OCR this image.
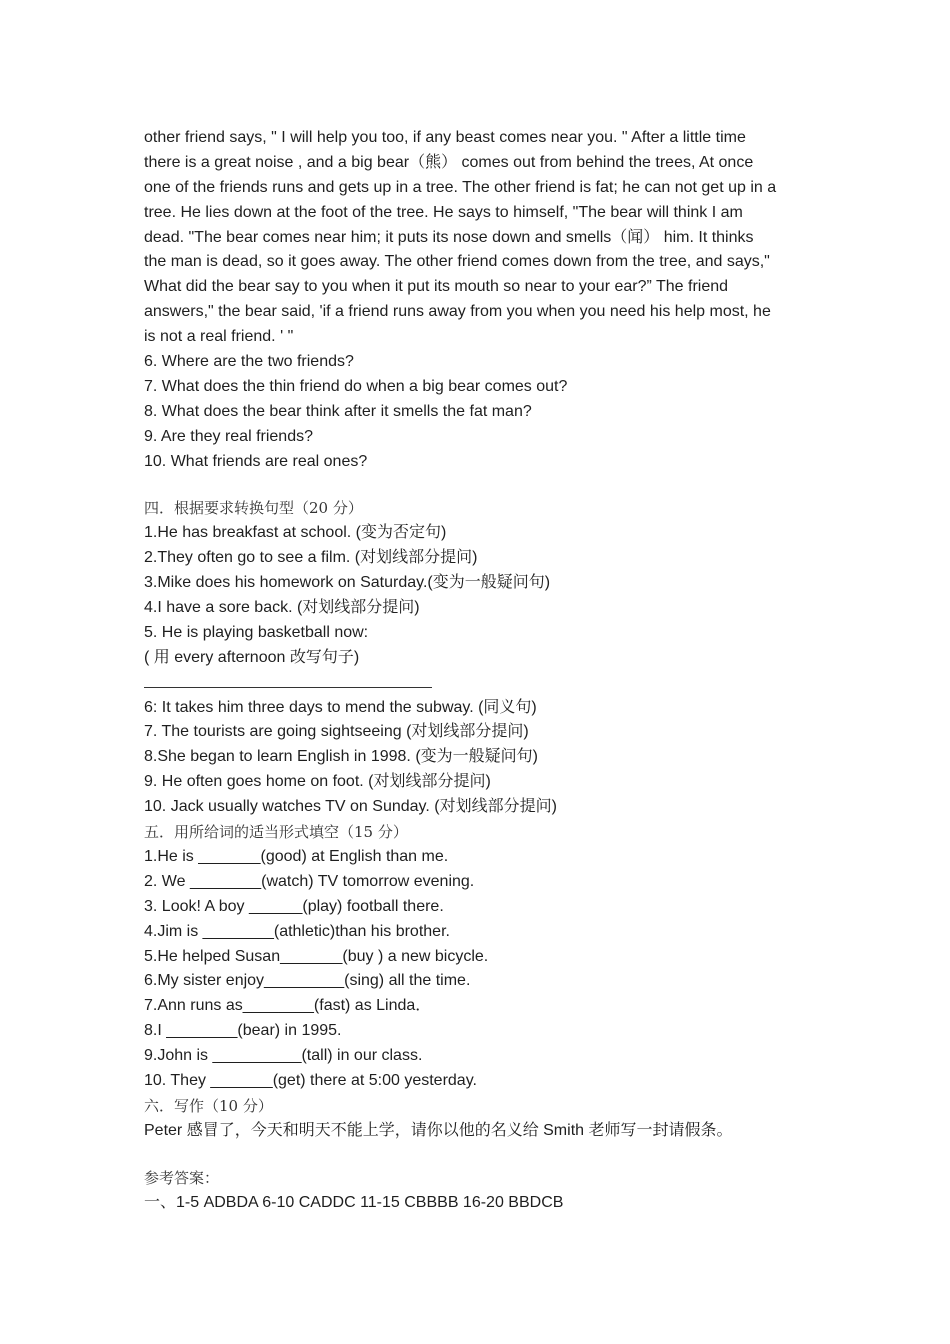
other friend says, " I will help you too, if any beast comes near you. " After a little time
there is a great noise , and a big bear（熊） comes out from behind the trees, At once
one of the friends runs and gets up in a tree. The other friend is fat; he can not get up in a
tree. He lies down at the foot of the tree. He says to himself, "The bear will think I am
dead. "The bear comes near him; it puts its nose down and smells（闻） him. It thinks
the man is dead, so it goes away. The other friend comes down from the tree, and says,"
What did the bear say to you when it put its mouth so near to your ear?” The friend
answers," the bear said, 'if a friend runs away from you when you need his help most, he
is not a real friend. ' "
6. Where are the two friends?
7. What does the thin friend do when a big bear comes out?
8. What does the bear think after it smells the fat man?
9. Are they real friends?
10. What friends are real ones?
四．根据要求转换句型（20 分）
1.He has breakfast at school. (变为否定句)
2.They often go to see a film. (对划线部分提问)
3.Mike does his homework on Saturday.(变为一般疑问句)
4.I have a sore back. (对划线部分提问)
5. He is playing basketball now:
( 用 every afternoon 改写句子)
6: It takes him three days to mend the subway. (同义句)
7. The tourists are going sightseeing (对划线部分提问)
8.She began to learn English in 1998. (变为一般疑问句)
9. He often goes home on foot. (对划线部分提问)
10. Jack usually watches TV on Sunday. (对划线部分提问)
五．用所给词的适当形式填空（15 分）
1.He is _______(good) at English than me.
2. We ________(watch) TV tomorrow evening.
3. Look! A boy ______(play) football there.
4.Jim is ________(athletic)than his brother.
5.He helped Susan_______(buy ) a new bicycle.
6.My sister enjoy_________(sing) all the time.
7.Ann runs as________(fast) as Linda．
8.I ________(bear) in 1995.
9.John is __________(tall) in our class.
10. They _______(get) there at 5:00 yesterday.
六．写作（10 分）
Peter 感冒了，今天和明天不能上学，请你以他的名义给 Smith 老师写一封请假条。
参考答案：
一、1-5 ADBDA 6-10 CADDC 11-15 CBBBB 16-20 BBDCB
